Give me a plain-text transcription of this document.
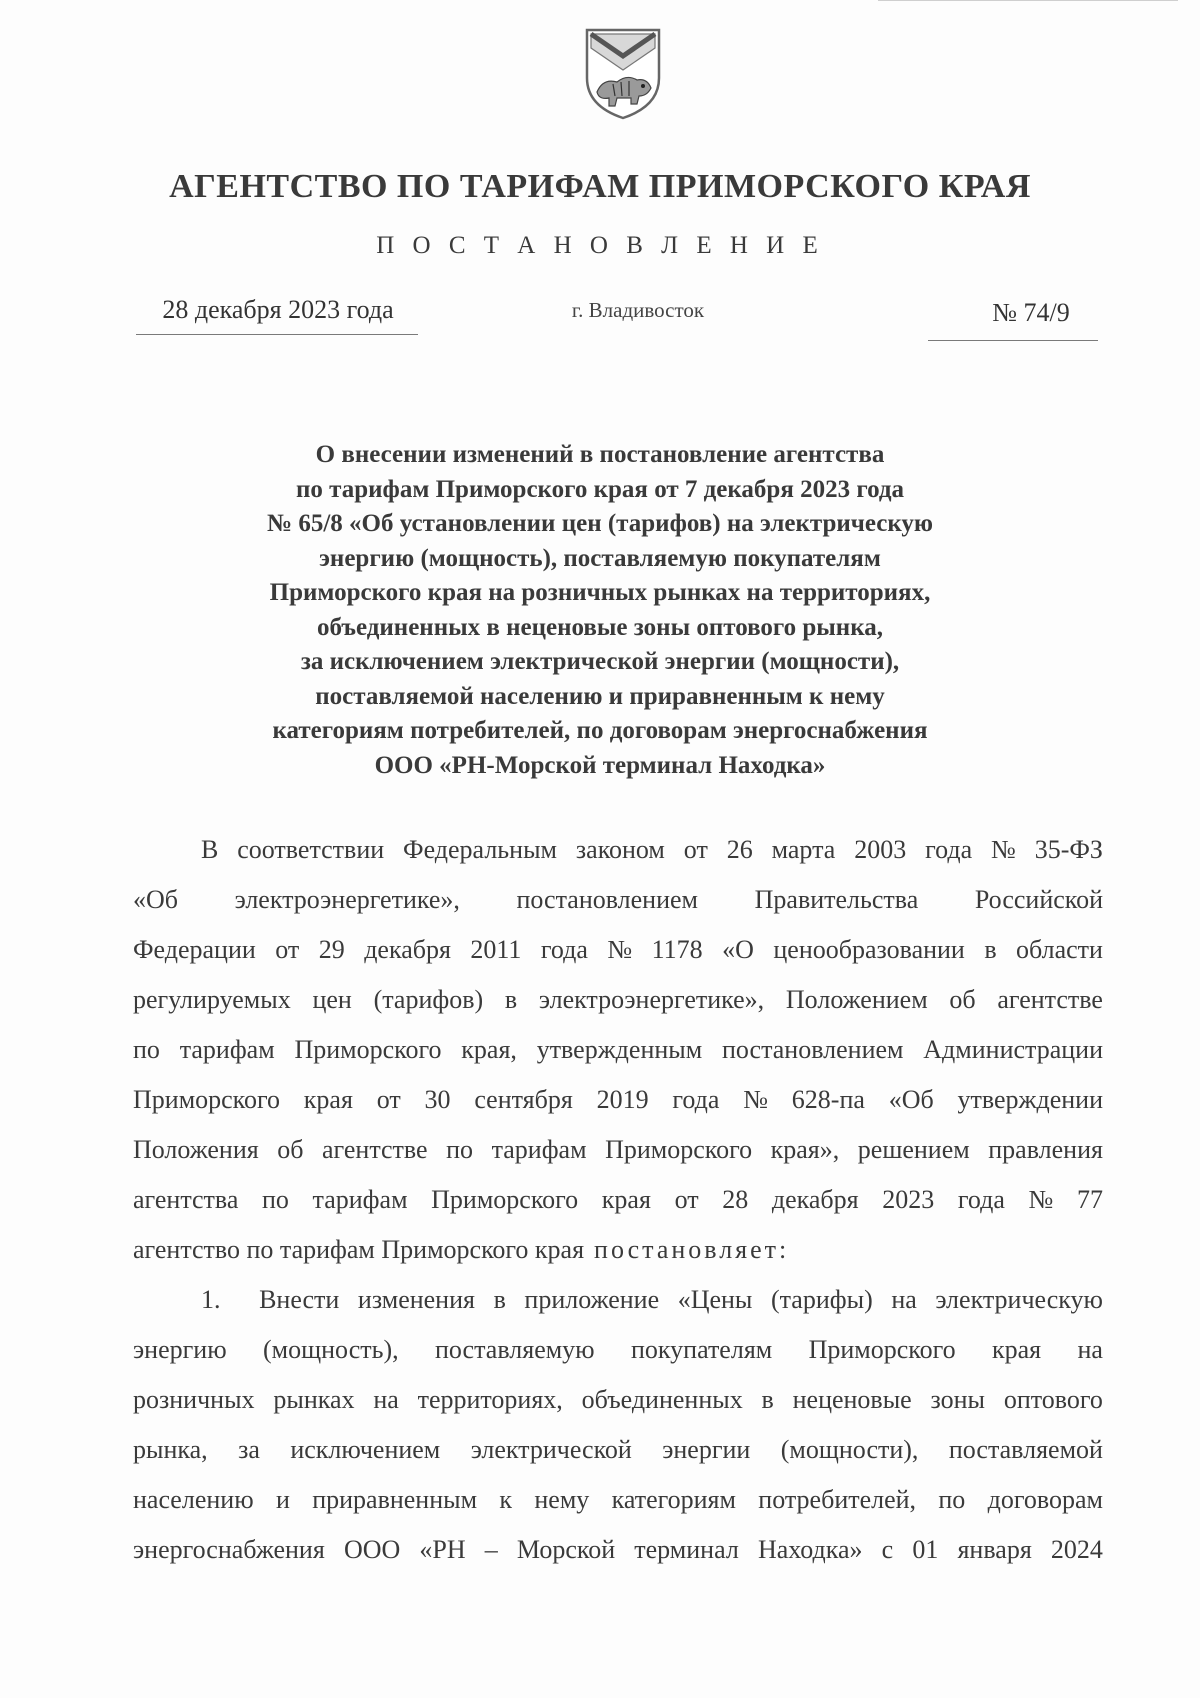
АГЕНТСТВО ПО ТАРИФАМ ПРИМОРСКОГО КРАЯ
П О С Т А Н О В Л Е Н И Е
28 декабря 2023 года	г. Владивосток	№ 74/9
О внесении изменений в постановление агентства
по тарифам Приморского края от 7 декабря 2023 года
№ 65/8 «Об установлении цен (тарифов) на электрическую
энергию (мощность), поставляемую покупателям
Приморского края на розничных рынках на территориях,
объединенных в неценовые зоны оптового рынка,
за исключением электрической энергии (мощности),
поставляемой населению и приравненным к нему
категориям потребителей, по договорам энергоснабжения
ООО «РН-Морской терминал Находка»
В соответствии Федеральным законом от 26 марта 2003 года № 35-ФЗ
«Об электроэнергетике», постановлением Правительства Российской
Федерации от 29 декабря 2011 года № 1178 «О ценообразовании в области
регулируемых цен (тарифов) в электроэнергетике», Положением об агентстве
по тарифам Приморского края, утвержденным постановлением Администрации
Приморского края от 30 сентября 2019 года № 628-па «Об утверждении
Положения об агентстве по тарифам Приморского края», решением правления
агентства по тарифам Приморского края от 28 декабря 2023 года № 77
агентство по тарифам Приморского края постановляет:
1. Внести изменения в приложение «Цены (тарифы) на электрическую
энергию (мощность), поставляемую покупателям Приморского края на
розничных рынках на территориях, объединенных в неценовые зоны оптового
рынка, за исключением электрической энергии (мощности), поставляемой
населению и приравненным к нему категориям потребителей, по договорам
энергоснабжения ООО «РН – Морской терминал Находка» с 01 января 2024
